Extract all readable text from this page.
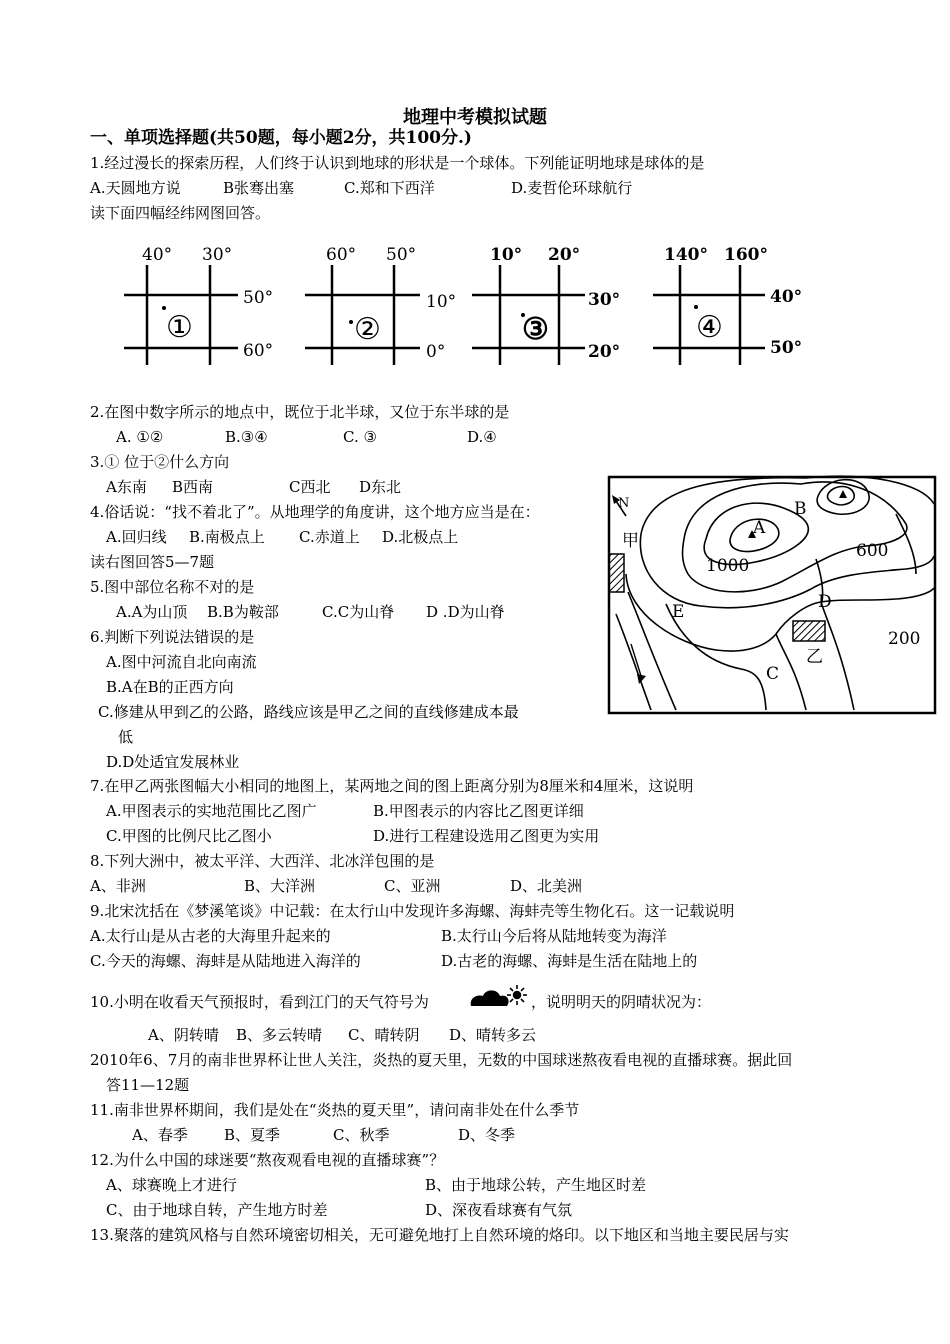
地理中考模拟试题
一、单项选择题(共50题，每小题2分，共100分.)
1.经过漫长的探索历程，人们终于认识到地球的形状是一个球体。下列能证明地球是球体的是
A.天圆地方说	B张骞出塞	C.郑和下西洋	D.麦哲伦环球航行
读下面四幅经纬网图回答。
40° 30°
50°
60°
①
60° 50°
10°
0°
②
10° 20°
30°
20°
③
140° 160°
40°
50°
④
2.在图中数字所示的地点中，既位于北半球，又位于东半球的是
A. ①②	B.③④	C. ③	D.④
3.① 位于②什么方向
A东南 B西南	C西北 D东北
4.俗话说：“找不着北了”。从地理学的角度讲，这个地方应当是在：
A.回归线 B.南极点上 C.赤道上 D.北极点上
读右图回答5—7题
5.图中部位名称不对的是
A.A为山顶 B.B为鞍部	C.C为山脊 D .D为山脊
6.判断下列说法错误的是
A.图中河流自北向南流
B.A在B的正西方向
C.修建从甲到乙的公路，路线应该是甲乙之间的直线修建成本最
低
D.D处适宜发展林业
N
甲
乙
A
B
C
D
E
1000
600
200
7.在甲乙两张图幅大小相同的地图上，某两地之间的图上距离分别为8厘米和4厘米，这说明
A.甲图表示的实地范围比乙图广	B.甲图表示的内容比乙图更详细
C.甲图的比例尺比乙图小	D.进行工程建设选用乙图更为实用
8.下列大洲中，被太平洋、大西洋、北冰洋包围的是
A、非洲	B、大洋洲	C、亚洲	D、北美洲
9.北宋沈括在《梦溪笔谈》中记载：在太行山中发现许多海螺、海蚌壳等生物化石。这一记载说明
A.太行山是从古老的大海里升起来的	B.太行山今后将从陆地转变为海洋
C.今天的海螺、海蚌是从陆地进入海洋的	D.古老的海螺、海蚌是生活在陆地上的
10.小明在收看天气预报时，看到江门的天气符号为	，说明明天的阴晴状况为：
A、阴转晴 B、多云转晴 C、晴转阴 D、晴转多云
2010年6、7月的南非世界杯让世人关注，炎热的夏天里，无数的中国球迷熬夜看电视的直播球赛。据此回
答11—12题
11.南非世界杯期间，我们是处在“炎热的夏天里”，请问南非处在什么季节
A、春季 B、夏季	C、秋季	D、冬季
12.为什么中国的球迷要“熬夜观看电视的直播球赛”？
A、球赛晚上才进行	B、由于地球公转，产生地区时差
C、由于地球自转，产生地方时差	D、深夜看球赛有气氛
13.聚落的建筑风格与自然环境密切相关，无可避免地打上自然环境的烙印。以下地区和当地主要民居与实
